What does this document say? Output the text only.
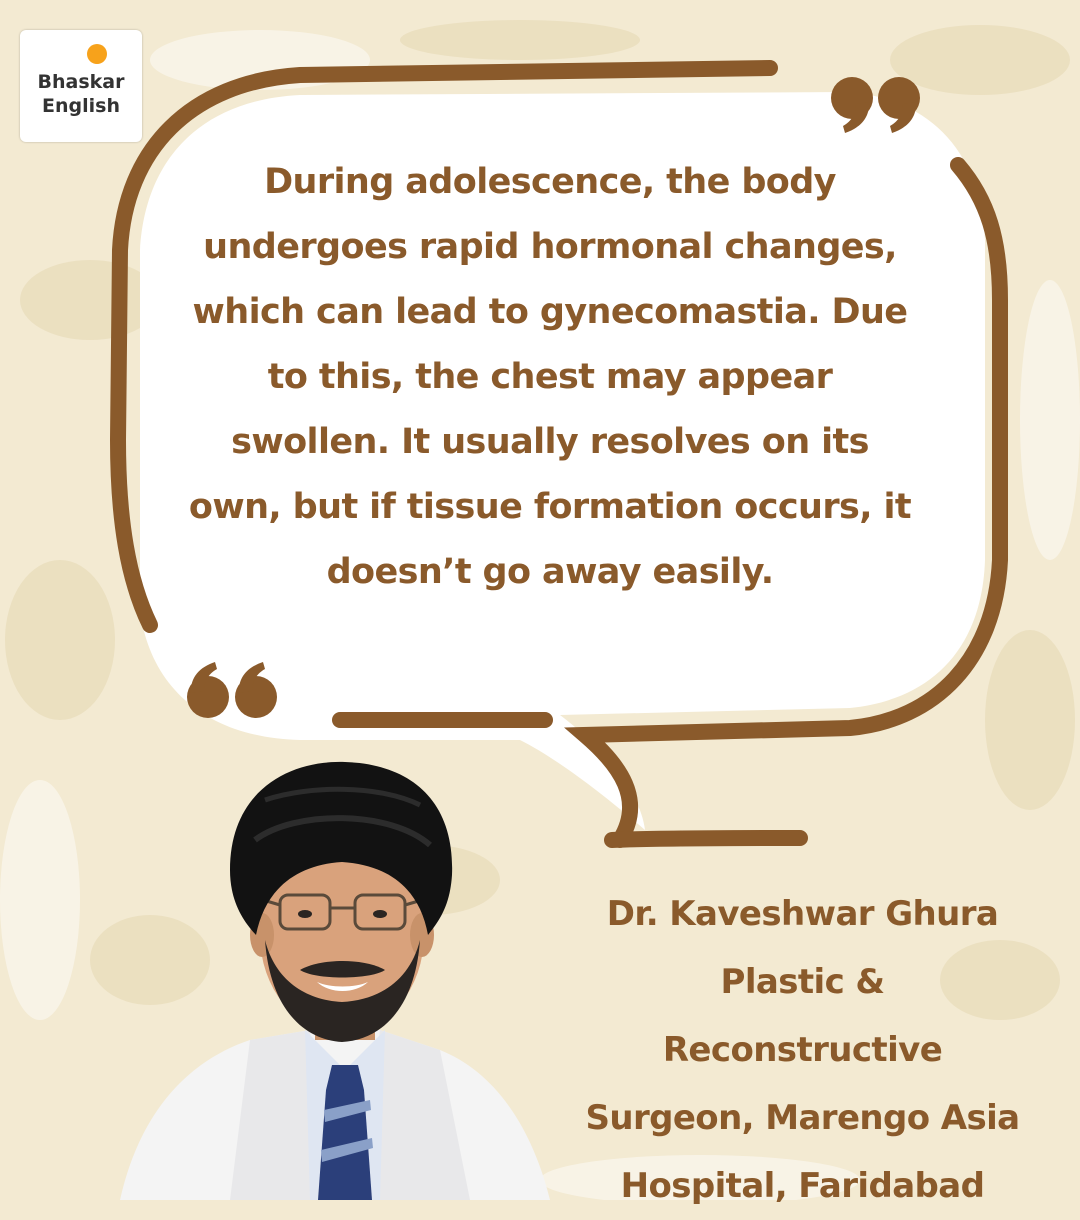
Bhaskar
English
During adolescence, the body undergoes rapid hormonal changes, which can lead to gynecomastia. Due to this, the chest may appear swollen. It usually resolves on its own, but if tissue formation occurs, it doesn’t go away easily.
Dr. Kaveshwar Ghura
Plastic &
Reconstructive
Surgeon, Marengo Asia
Hospital, Faridabad
